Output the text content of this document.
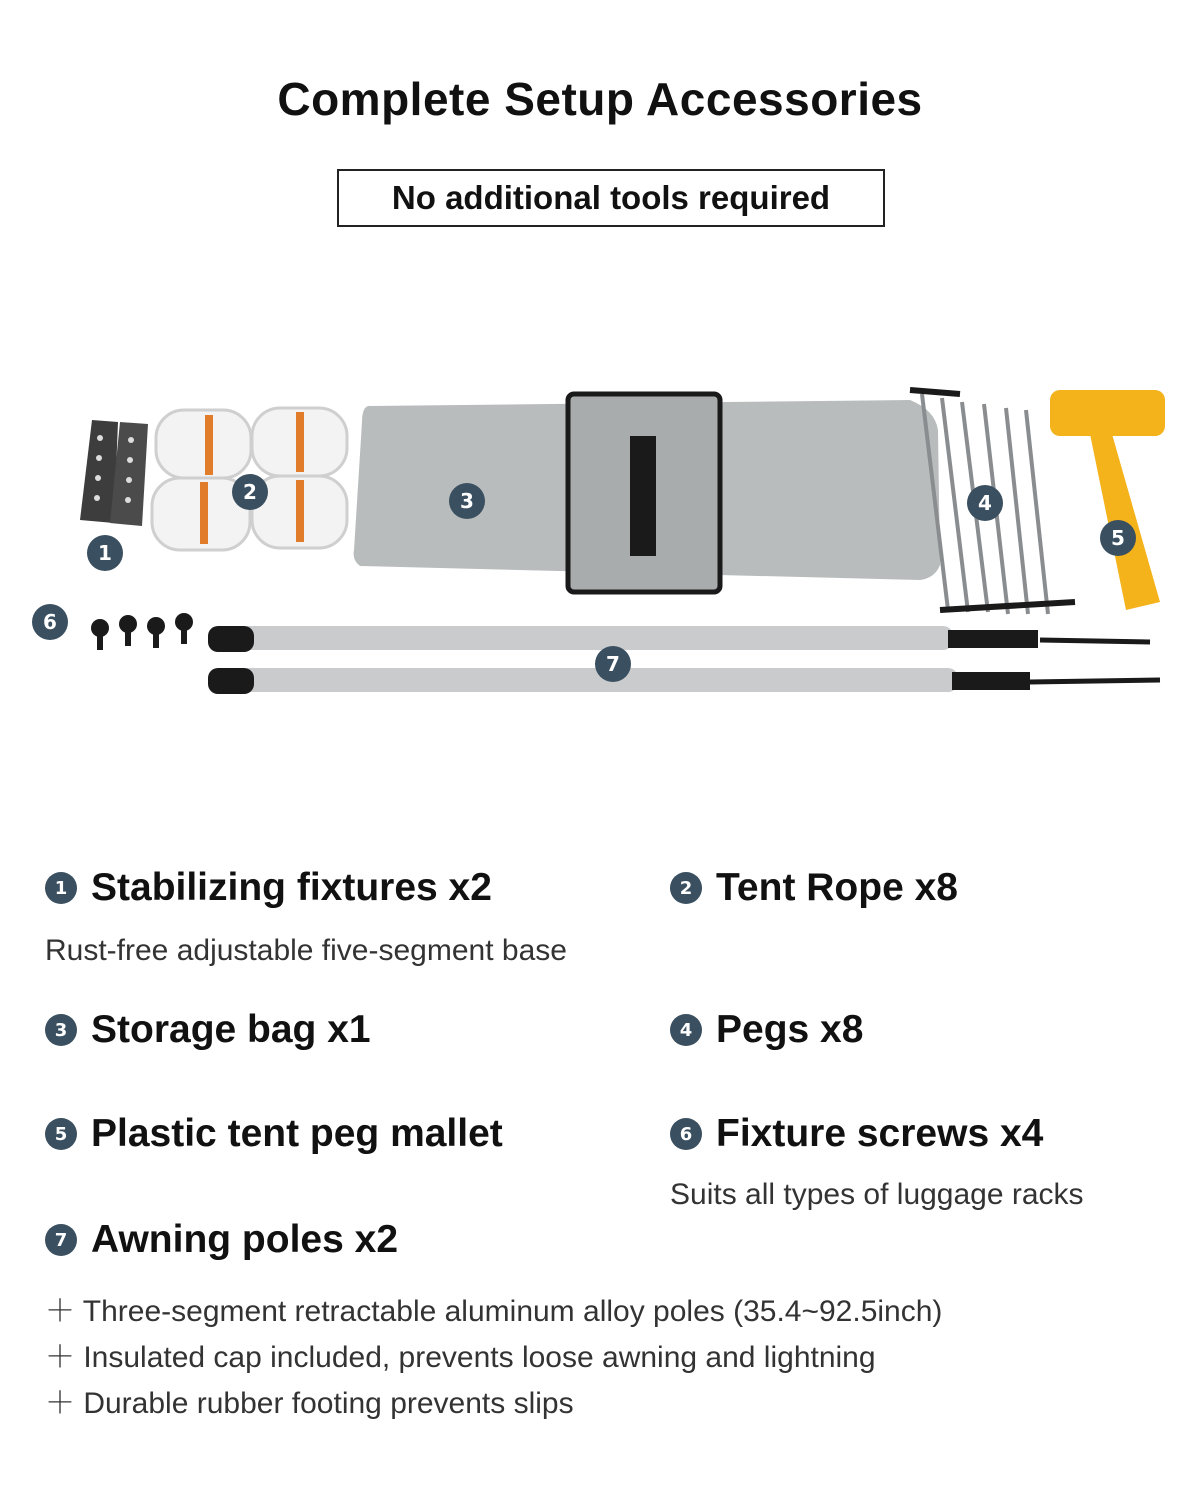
Complete Setup Accessories
No additional tools required
1
2	3	4
5
6
7
1 Stabilizing fixtures x2
Rust-free adjustable five-segment base
2 Tent Rope x8
3 Storage bag x1	4 Pegs x8
5 Plastic tent peg mallet	6 Fixture screws x4
Suits all types of luggage racks
7 Awning poles x2
＋ Three-segment retractable aluminum alloy poles (35.4~92.5inch)
＋ Insulated cap included, prevents loose awning and lightning
＋ Durable rubber footing prevents slips
